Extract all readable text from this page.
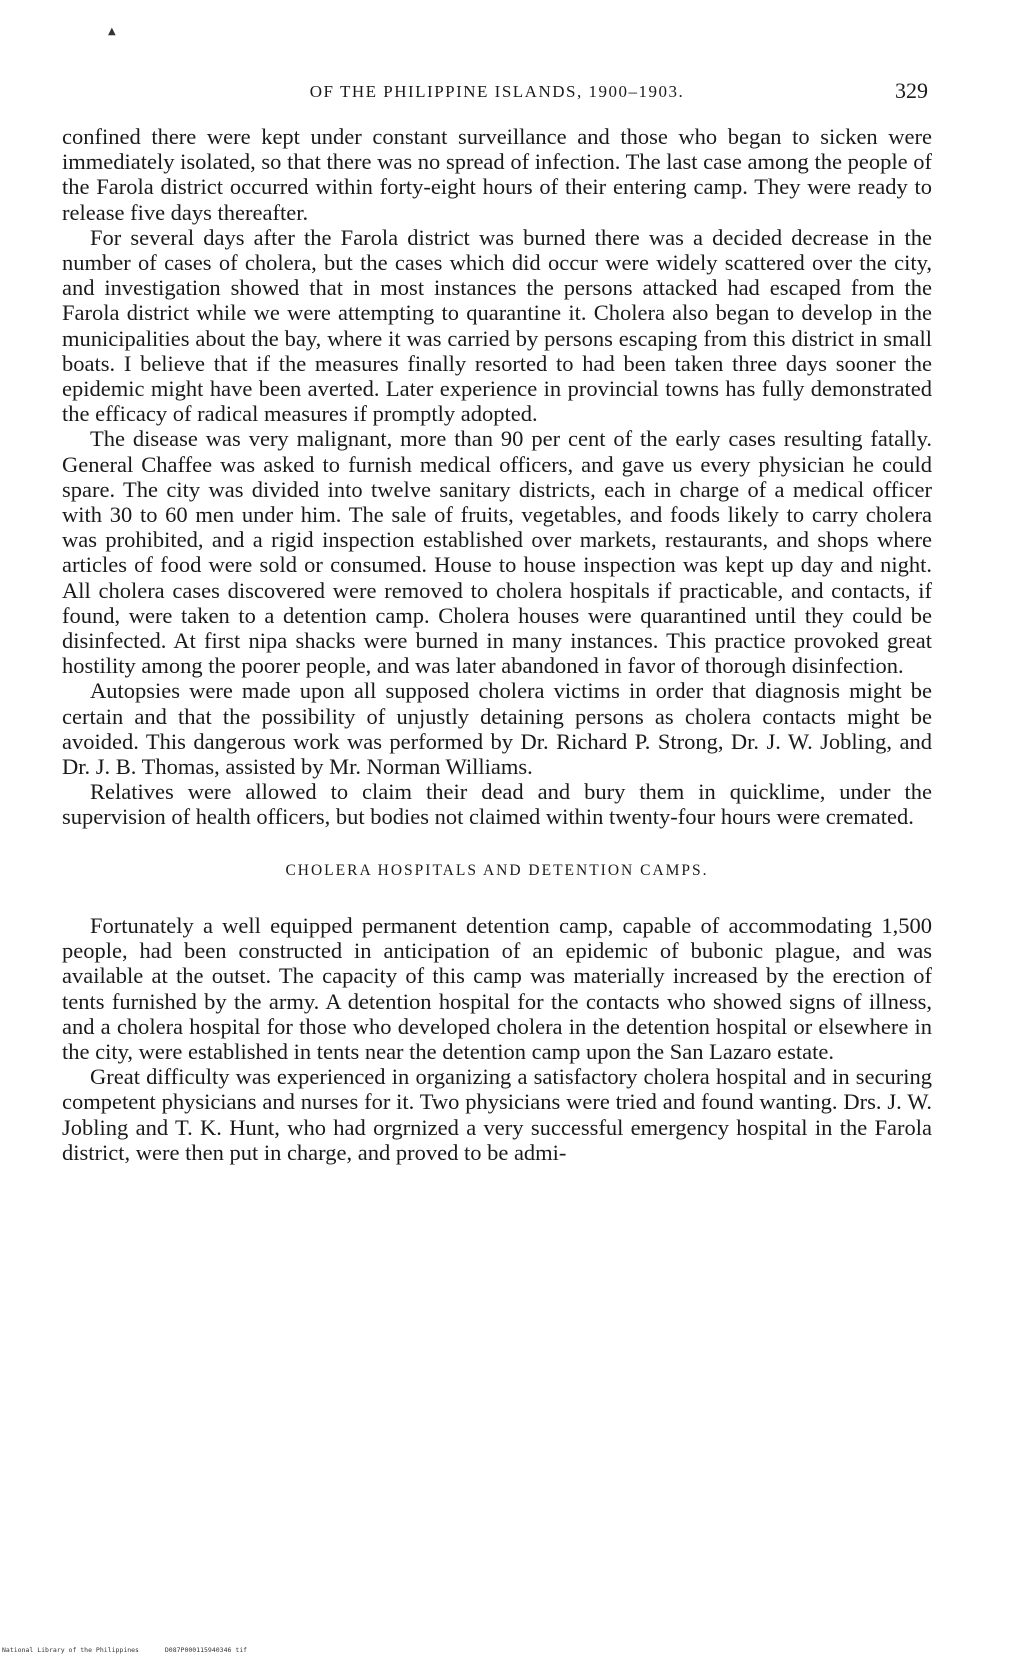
▲
OF THE PHILIPPINE ISLANDS, 1900–1903.	329

confined there were kept under constant surveillance and those who began to sicken were immediately isolated, so that there was no spread of infection. The last case among the people of the Farola district occurred within forty-eight hours of their entering camp. They were ready to release five days thereafter.

For several days after the Farola district was burned there was a decided decrease in the number of cases of cholera, but the cases which did occur were widely scattered over the city, and investigation showed that in most instances the persons attacked had escaped from the Farola district while we were attempting to quarantine it. Cholera also began to develop in the municipalities about the bay, where it was carried by persons escaping from this district in small boats. I believe that if the measures finally resorted to had been taken three days sooner the epidemic might have been averted. Later experience in provincial towns has fully demonstrated the efficacy of radical measures if promptly adopted.

The disease was very malignant, more than 90 per cent of the early cases resulting fatally. General Chaffee was asked to furnish medical officers, and gave us every physician he could spare. The city was divided into twelve sanitary districts, each in charge of a medical officer with 30 to 60 men under him. The sale of fruits, vegetables, and foods likely to carry cholera was prohibited, and a rigid inspection established over markets, restaurants, and shops where articles of food were sold or consumed. House to house inspection was kept up day and night. All cholera cases discovered were removed to cholera hospitals if practicable, and contacts, if found, were taken to a detention camp. Cholera houses were quarantined until they could be disinfected. At first nipa shacks were burned in many instances. This practice provoked great hostility among the poorer people, and was later abandoned in favor of thorough disinfection.

Autopsies were made upon all supposed cholera victims in order that diagnosis might be certain and that the possibility of unjustly detaining persons as cholera contacts might be avoided. This dangerous work was performed by Dr. Richard P. Strong, Dr. J. W. Jobling, and Dr. J. B. Thomas, assisted by Mr. Norman Williams.

Relatives were allowed to claim their dead and bury them in quicklime, under the supervision of health officers, but bodies not claimed within twenty-four hours were cremated.

CHOLERA HOSPITALS AND DETENTION CAMPS.

Fortunately a well equipped permanent detention camp, capable of accommodating 1,500 people, had been constructed in anticipation of an epidemic of bubonic plague, and was available at the outset. The capacity of this camp was materially increased by the erection of tents furnished by the army. A detention hospital for the contacts who showed signs of illness, and a cholera hospital for those who developed cholera in the detention hospital or elsewhere in the city, were established in tents near the detention camp upon the San Lazaro estate.

Great difficulty was experienced in organizing a satisfactory cholera hospital and in securing competent physicians and nurses for it. Two physicians were tried and found wanting. Drs. J. W. Jobling and T. K. Hunt, who had orgrnized a very successful emergency hospital in the Farola district, were then put in charge, and proved to be admi-

National Library of the Philippines	D087P000115940346 tif
